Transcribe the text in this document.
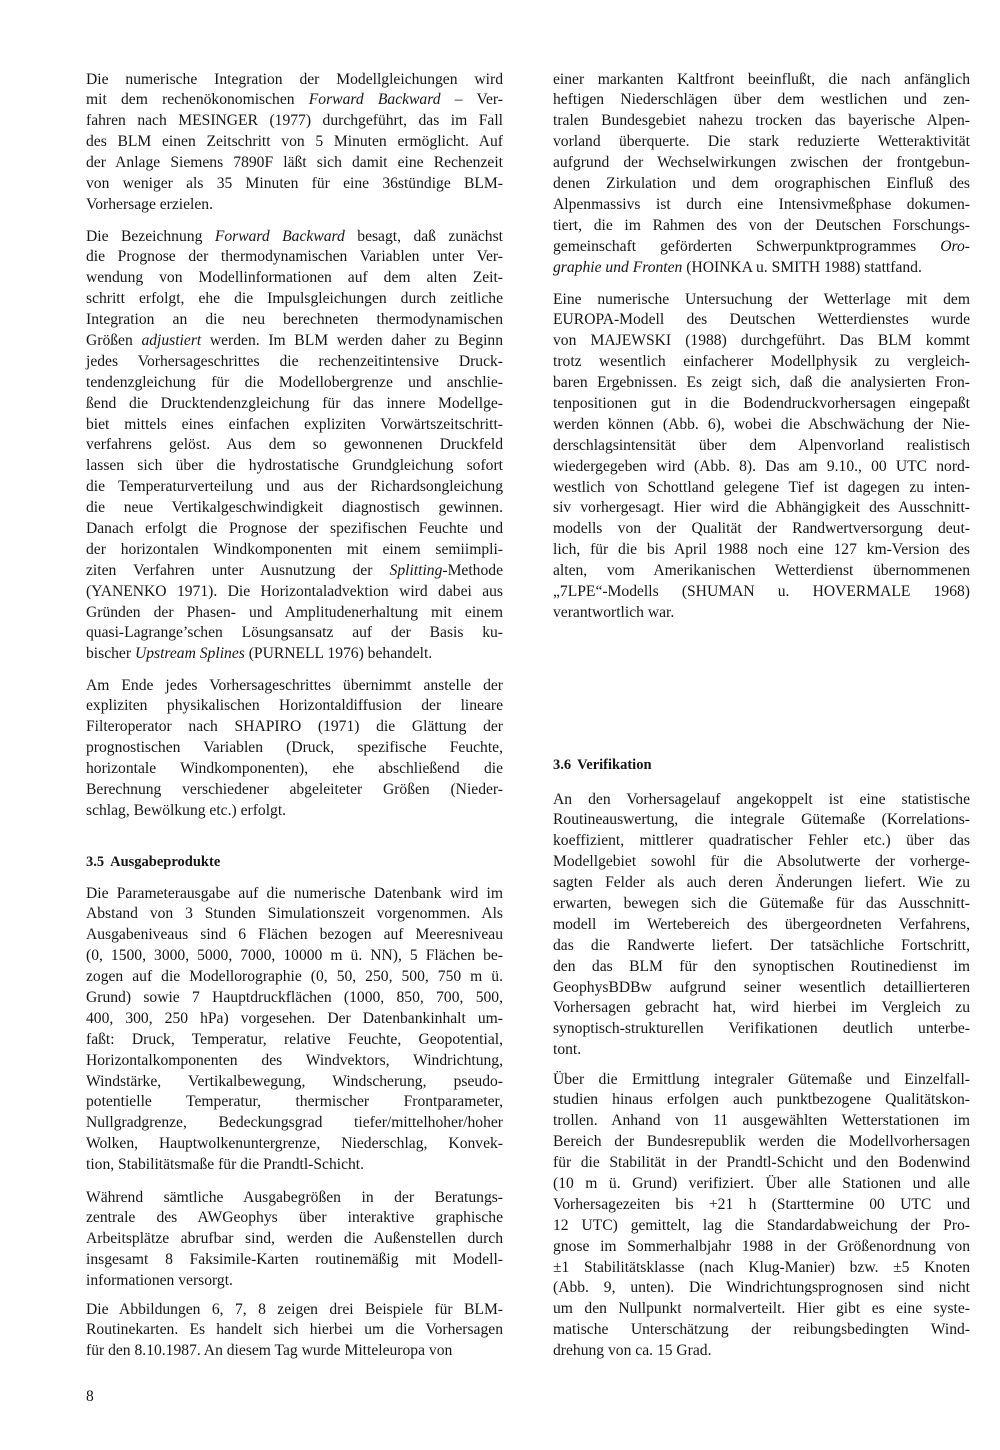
Die numerische Integration der Modellgleichungen wird
mit dem rechenökonomischen Forward Backward – Ver-
fahren nach MESINGER (1977) durchgeführt, das im Fall
des BLM einen Zeitschritt von 5 Minuten ermöglicht. Auf
der Anlage Siemens 7890F läßt sich damit eine Rechenzeit
von weniger als 35 Minuten für eine 36stündige BLM-
Vorhersage erzielen.
Die Bezeichnung Forward Backward besagt, daß zunächst
die Prognose der thermodynamischen Variablen unter Ver-
wendung von Modellinformationen auf dem alten Zeit-
schritt erfolgt, ehe die Impulsgleichungen durch zeitliche
Integration an die neu berechneten thermodynamischen
Größen adjustiert werden. Im BLM werden daher zu Beginn
jedes Vorhersageschrittes die rechenzeitintensive Druck-
tendenzgleichung für die Modellobergrenze und anschlie-
ßend die Drucktendenzgleichung für das innere Modellge-
biet mittels eines einfachen expliziten Vorwärtszeitschritt-
verfahrens gelöst. Aus dem so gewonnenen Druckfeld
lassen sich über die hydrostatische Grundgleichung sofort
die Temperaturverteilung und aus der Richardsongleichung
die neue Vertikalgeschwindigkeit diagnostisch gewinnen.
Danach erfolgt die Prognose der spezifischen Feuchte und
der horizontalen Windkomponenten mit einem semiimpli-
ziten Verfahren unter Ausnutzung der Splitting-Methode
(YANENKO 1971). Die Horizontaladvektion wird dabei aus
Gründen der Phasen- und Amplitudenerhaltung mit einem
quasi-Lagrange’schen Lösungsansatz auf der Basis ku-
bischer Upstream Splines (PURNELL 1976) behandelt.
Am Ende jedes Vorhersageschrittes übernimmt anstelle der
expliziten physikalischen Horizontaldiffusion der lineare
Filteroperator nach SHAPIRO (1971) die Glättung der
prognostischen Variablen (Druck, spezifische Feuchte,
horizontale Windkomponenten), ehe abschließend die
Berechnung verschiedener abgeleiteter Größen (Nieder-
schlag, Bewölkung etc.) erfolgt.
3.5 Ausgabeprodukte
Die Parameterausgabe auf die numerische Datenbank wird im
Abstand von 3 Stunden Simulationszeit vorgenommen. Als
Ausgabeniveaus sind 6 Flächen bezogen auf Meeresniveau
(0, 1500, 3000, 5000, 7000, 10000 m ü. NN), 5 Flächen be-
zogen auf die Modellorographie (0, 50, 250, 500, 750 m ü.
Grund) sowie 7 Hauptdruckflächen (1000, 850, 700, 500,
400, 300, 250 hPa) vorgesehen. Der Datenbankinhalt um-
faßt: Druck, Temperatur, relative Feuchte, Geopotential,
Horizontalkomponenten des Windvektors, Windrichtung,
Windstärke, Vertikalbewegung, Windscherung, pseudo-
potentielle Temperatur, thermischer Frontparameter,
Nullgradgrenze, Bedeckungsgrad tiefer/mittelhoher/hoher
Wolken, Hauptwolkenuntergrenze, Niederschlag, Konvek-
tion, Stabilitätsmaße für die Prandtl-Schicht.
Während sämtliche Ausgabegrößen in der Beratungs-
zentrale des AWGeophys über interaktive graphische
Arbeitsplätze abrufbar sind, werden die Außenstellen durch
insgesamt 8 Faksimile-Karten routinemäßig mit Modell-
informationen versorgt.
Die Abbildungen 6, 7, 8 zeigen drei Beispiele für BLM-
Routinekarten. Es handelt sich hierbei um die Vorhersagen
für den 8.10.1987. An diesem Tag wurde Mitteleuropa von
einer markanten Kaltfront beeinflußt, die nach anfänglich
heftigen Niederschlägen über dem westlichen und zen-
tralen Bundesgebiet nahezu trocken das bayerische Alpen-
vorland überquerte. Die stark reduzierte Wetteraktivität
aufgrund der Wechselwirkungen zwischen der frontgebun-
denen Zirkulation und dem orographischen Einfluß des
Alpenmassivs ist durch eine Intensivmeßphase dokumen-
tiert, die im Rahmen des von der Deutschen Forschungs-
gemeinschaft geförderten Schwerpunktprogrammes Oro-
graphie und Fronten (HOINKA u. SMITH 1988) stattfand.
Eine numerische Untersuchung der Wetterlage mit dem
EUROPA-Modell des Deutschen Wetterdienstes wurde
von MAJEWSKI (1988) durchgeführt. Das BLM kommt
trotz wesentlich einfacherer Modellphysik zu vergleich-
baren Ergebnissen. Es zeigt sich, daß die analysierten Fron-
tenpositionen gut in die Bodendruckvorhersagen eingepaßt
werden können (Abb. 6), wobei die Abschwächung der Nie-
derschlagsintensität über dem Alpenvorland realistisch
wiedergegeben wird (Abb. 8). Das am 9.10., 00 UTC nord-
westlich von Schottland gelegene Tief ist dagegen zu inten-
siv vorhergesagt. Hier wird die Abhängigkeit des Ausschnitt-
modells von der Qualität der Randwertversorgung deut-
lich, für die bis April 1988 noch eine 127 km-Version des
alten, vom Amerikanischen Wetterdienst übernommenen
„7LPE“-Modells (SHUMAN u. HOVERMALE 1968)
verantwortlich war.
3.6 Verifikation
An den Vorhersagelauf angekoppelt ist eine statistische
Routineauswertung, die integrale Gütemaße (Korrelations-
koeffizient, mittlerer quadratischer Fehler etc.) über das
Modellgebiet sowohl für die Absolutwerte der vorherge-
sagten Felder als auch deren Änderungen liefert. Wie zu
erwarten, bewegen sich die Gütemaße für das Ausschnitt-
modell im Wertebereich des übergeordneten Verfahrens,
das die Randwerte liefert. Der tatsächliche Fortschritt,
den das BLM für den synoptischen Routinedienst im
GeophysBDBw aufgrund seiner wesentlich detaillierteren
Vorhersagen gebracht hat, wird hierbei im Vergleich zu
synoptisch-strukturellen Verifikationen deutlich unterbe-
tont.
Über die Ermittlung integraler Gütemaße und Einzelfall-
studien hinaus erfolgen auch punktbezogene Qualitätskon-
trollen. Anhand von 11 ausgewählten Wetterstationen im
Bereich der Bundesrepublik werden die Modellvorhersagen
für die Stabilität in der Prandtl-Schicht und den Bodenwind
(10 m ü. Grund) verifiziert. Über alle Stationen und alle
Vorhersagezeiten bis +21 h (Starttermine 00 UTC und
12 UTC) gemittelt, lag die Standardabweichung der Pro-
gnose im Sommerhalbjahr 1988 in der Größenordnung von
±1 Stabilitätsklasse (nach Klug-Manier) bzw. ±5 Knoten
(Abb. 9, unten). Die Windrichtungsprognosen sind nicht
um den Nullpunkt normalverteilt. Hier gibt es eine syste-
matische Unterschätzung der reibungsbedingten Wind-
drehung von ca. 15 Grad.
8
